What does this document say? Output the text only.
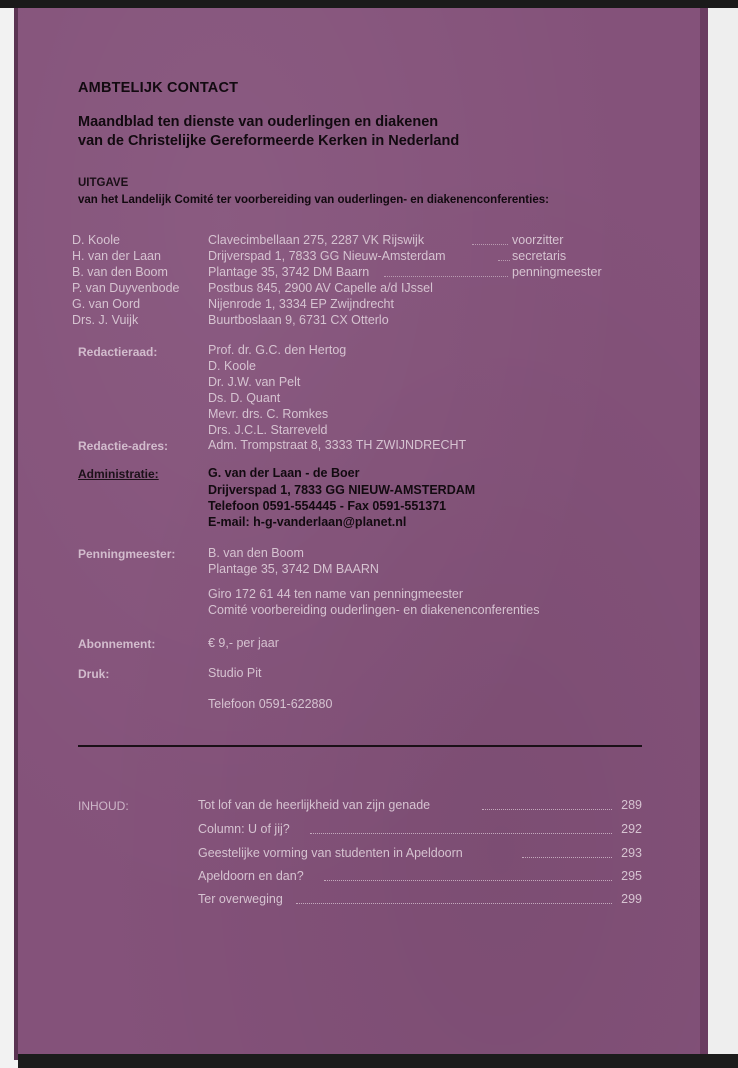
AMBTELIJK CONTACT
Maandblad ten dienste van ouderlingen en diakenen
van de Christelijke Gereformeerde Kerken in Nederland
UITGAVE
van het Landelijk Comité ter voorbereiding van ouderlingen- en diakenenconferenties:
D. Koole	Clavecimbellaan 275, 2287 VK Rijswijk	voorzitter
H. van der Laan	Drijverspad 1, 7833 GG Nieuw-Amsterdam	secretaris
B. van den Boom	Plantage 35, 3742 DM Baarn	penningmeester
P. van Duyvenbode Postbus 845, 2900 AV Capelle a/d IJssel
G. van Oord	Nijenrode 1, 3334 EP Zwijndrecht
Drs. J. Vuijk	Buurtboslaan 9, 6731 CX Otterlo
Redactieraad:	Prof. dr. G.C. den Hertog
D. Koole
Dr. J.W. van Pelt
Ds. D. Quant
Mevr. drs. C. Romkes
Drs. J.C.L. Starreveld
Redactie-adres:	Adm. Trompstraat 8, 3333 TH ZWIJNDRECHT
Administratie:	G. van der Laan - de Boer
Drijverspad 1, 7833 GG NIEUW-AMSTERDAM
Telefoon 0591-554445 - Fax 0591-551371
E-mail: h-g-vanderlaan@planet.nl
Penningmeester:	B. van den Boom
Plantage 35, 3742 DM BAARN
Giro 172 61 44 ten name van penningmeester
Comité voorbereiding ouderlingen- en diakenenconferenties
Abonnement:	€ 9,- per jaar
Druk:	Studio Pit
Telefoon 0591-622880
INHOUD:	Tot lof van de heerlijkheid van zijn genade	289
Column: U of jij?	292
Geestelijke vorming van studenten in Apeldoorn	293
Apeldoorn en dan?	295
Ter overweging	299
